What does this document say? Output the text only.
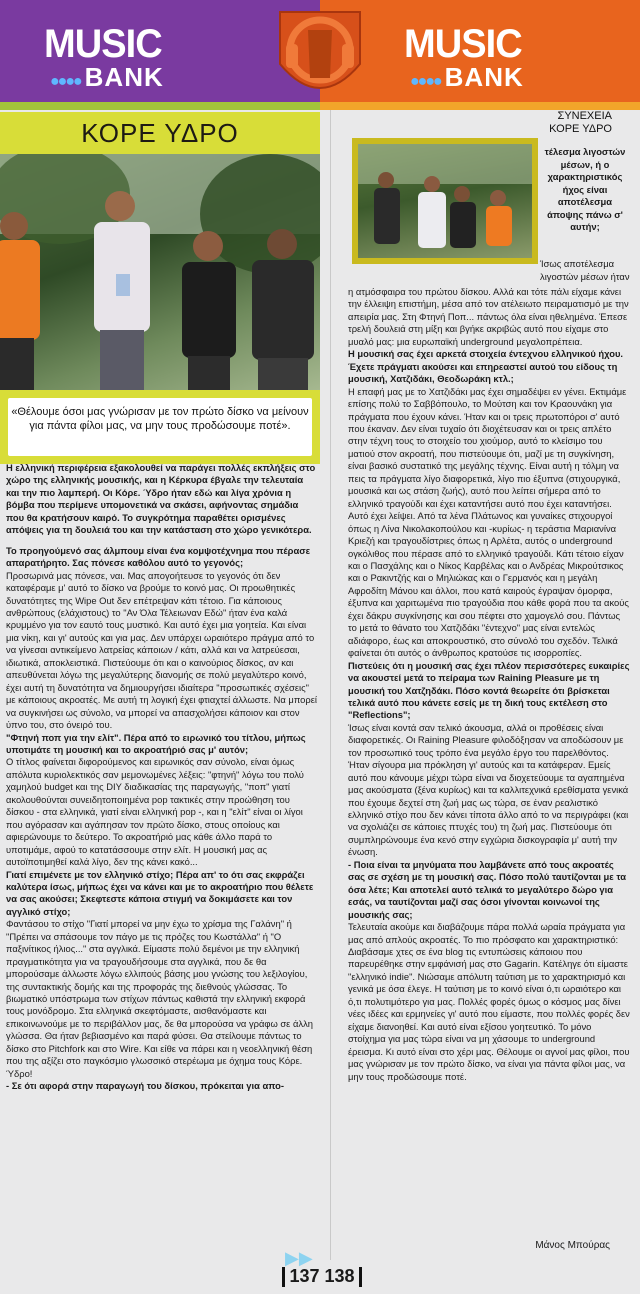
MUSIC
●●●● BANK
MUSIC
●●●● BANK
ΚΟΡΕ ΥΔΡΟ
ΣΥΝΕΧΕΙΑ
ΚΟΡΕ ΥΔΡΟ
«Θέλουμε όσοι μας γνώρισαν με τον πρώτο δίσκο να μείνουν για πάντα φίλοι μας, να μην τους προδώσουμε ποτέ».
τέλεσμα λιγοστών μέσων, ή ο χαρακτηριστικός ήχος είναι αποτέλεσμα άποψης πάνω σ' αυτήν;
Ίσως αποτέλεσμα λιγοστών μέσων ήταν

Η ελληνική περιφέρεια εξακολουθεί να παράγει πολλές εκπλήξεις στο χώρο της ελληνικής μουσικής, και η Κέρκυρα έβγαλε την τελευταία και την πιο λαμπερή. Οι Κόρε. Ύδρο ήταν εδώ και λίγα χρόνια η βόμβα που περίμενε υπομονετικά να σκάσει, αφήνοντας σημάδια που θα κρατήσουν καιρό. Το συγκρότημα παραθέτει ορισμένες απόψεις για τη δουλειά του και την κατάσταση στο χώρο γενικότερα.

Το προηγούμενό σας άλμπουμ είναι ένα κομψοτέχνημα που πέρασε απαρατήρητο. Σας πόνεσε καθόλου αυτό το γεγονός;

Προσωρινά μας πόνεσε, ναι. Μας απογοήτευσε το γεγονός ότι δεν καταφέραμε μ' αυτό το δίσκο να βρούμε το κοινό μας. Οι προωθητικές δυνατότητες της Wipe Out δεν επέτρεψαν κάτι τέτοιο. Για κάποιους ανθρώπους (ελάχιστους) το "Αν Όλα Τέλειωναν Εδώ" ήταν ένα καλά κρυμμένο για τον εαυτό τους μυστικό. Και αυτό έχει μια γοητεία. Και είναι μια νίκη, και γι' αυτούς και για μας. Δεν υπάρχει ωραιότερο πράγμα από το να γίνεσαι αντικείμενο λατρείας κάποιων / κάτι, αλλά και να λατρεύεσαι, ιδιωτικά, αποκλειστικά. Πιστεύουμε ότι και ο καινούριος δίσκος, αν και απευθύνεται λόγω της μεγαλύτερης διανομής σε πολύ μεγαλύτερο κοινό, έχει αυτή τη δυνατότητα να δημιουργήσει ιδιαίτερα "προσωπικές σχέσεις" με κάποιους ακροατές. Με αυτή τη λογική έχει φτιαχτεί άλλωστε. Να μπορεί να συγκινήσει ως σύνολο, να μπορεί να απασχολήσει κάποιον και στον ύπνο του, στο όνειρό του.

"Φτηνή ποπ για την ελίτ". Πέρα από το ειρωνικό του τίτλου, μήπως υποτιμάτε τη μουσική και το ακροατήριό σας μ' αυτόν;

Ο τίτλος φαίνεται διφορούμενος και ειρωνικός σαν σύνολο, είναι όμως απόλυτα κυριολεκτικός σαν μεμονωμένες λέξεις: "φτηνή" λόγω του πολύ χαμηλού budget και της DIY διαδικασίας της παραγωγής, "ποπ" γιατί ακολουθούνται συνειδητοποιημένα pop τακτικές στην προώθηση του δίσκου - στα ελληνικά, γιατί είναι ελληνική pop -, και η "ελίτ" είναι οι λίγοι που αγόρασαν και αγάπησαν τον πρώτο δίσκο, στους οποίους και αφιερώνουμε το δεύτερο. Το ακροατήριό μας κάθε άλλο παρά το υποτιμάμε, αφού το κατατάσσουμε στην ελίτ. Η μουσική μας ας αυτοϊποτιμηθεί καλά λίγο, δεν της κάνει κακό...

Γιατί επιμένετε με τον ελληνικό στίχο; Πέρα απ' το ότι σας εκφράζει καλύτερα ίσως, μήπως έχει να κάνει και με το ακροατήριο που θέλετε να σας ακούσει; Σκεφτεστε κάποια στιγμή να δοκιμάσετε και τον αγγλικό στίχο;

Φαντάσου το στίχο "Γιατί μπορεί να μην έχω το χρίσμα της Γαλάνη" ή "Πρέπει να σπάσουμε τον πάγο με τις πρόζες του Κωστάλλα" ή "Ο παξινίτικος ήλιος..." στα αγγλικά. Είμαστε πολύ δεμένοι με την ελληνική πραγματικότητα για να τραγουδήσουμε στα αγγλικά, που δε θα μπορούσαμε άλλωστε λόγω ελλιπούς βάσης μου γνώσης του λεξιλογίου, της συντακτικής δομής και της προφοράς της διεθνούς γλώσσας. Το βιωματικό υπόστρωμα των στίχων πάντως καθιστά την ελληνική εκφορά τους μονόδρομο. Στα ελληνικά σκεφτόμαστε, αισθανόμαστε και επικοινωνούμε με το περιβάλλον μας, δε θα μπορούσα να γράφω σε άλλη γλώσσα. Θα ήταν βεβιασμένο και παρά φύσει. Θα στείλουμε πάντως το δίσκο στο Pitchfork και στο Wire. Και είθε να πάρει και η νεοελληνική θέση που της αξίζει στο παγκόσμιο γλωσσικό στερέωμα με όχημα τους Κόρε. Ύδρο!

- Σε ότι αφορά στην παραγωγή του δίσκου, πρόκειται για απο-

η ατμόσφαιρα του πρώτου δίσκου. Αλλά και τότε πάλι είχαμε κάνει την έλλειψη επιστήμη, μέσα από τον ατέλειωτο πειραματισμό με την απειρία μας. Στη Φτηνή Ποπ... πάντως όλα είναι ηθελημένα. Έπεσε τρελή δουλειά στη μίξη και βγήκε ακριβώς αυτό που είχαμε στο μυαλό μας: μια ευρωπαϊκή underground μεγαλοπρέπεια.

Η μουσική σας έχει αρκετά στοιχεία έντεχνου ελληνικού ήχου. Έχετε πράγματι ακούσει και επηρεαστεί αυτού του είδους τη μουσική, Χατζιδάκι, Θεοδωράκη κτλ.;

Η επαφή μας με το Χατζιδάκι μας έχει σημαδέψει εν γένει. Εκτιμάμε επίσης πολύ το Σαββόπουλο, το Μούτση και τον Κραουνάκη για πράγματα που έχουν κάνει. Ήταν και οι τρεις πρωτοπόροι σ' αυτό που έκαναν. Δεν είναι τυχαίο ότι διοχέτευσαν και οι τρεις απλέτο στην τέχνη τους το στοιχείο του χιούμορ, αυτό το κλείσιμο του ματιού στον ακροατή, που πιστεύουμε ότι, μαζί με τη συγκίνηση, είναι βασικό συστατικό της μεγάλης τέχνης. Είναι αυτή η τόλμη να πεις τα πράγματα λίγο διαφορετικά, λίγο πιο έξυπνα (στιχουργικά, μουσικά και ως στάση ζωής), αυτό που λείπει σήμερα από το ελληνικό τραγούδι και έχει καταντήσει αυτό που έχει καταντήσει. Αυτό έχει λείψει. Από τα λένα Πλάτωνος και γυναίκες στιχουργοί όπως η Λίνα Νικολακοπούλου και -κυρίως- η τεράστια Μαριανίνα Κριεζή και τραγουδίστριες όπως η Αρλέτα, αυτός ο underground ογκόλιθος που πέρασε από το ελληνικό τραγούδι. Κάτι τέτοιο είχαν και ο Πασχάλης και ο Νίκος Καρβέλας και ο Ανδρέας Μικρούτσικος και ο Ρακιντζής και ο Μηλιώκας και ο Γερμανός και η μεγάλη Αφροδίτη Μάνου και άλλοι, που κατά καιρούς έγραψαν όμορφα, έξυπνα και χαριτωμένα πιο τραγούδια που κάθε φορά που τα ακούς έχει δάκρυ συγκίνησης και σου πέφτει στο χαμογελό σου. Πάντως το μετά το θάνατο του Χατζιδάκι "έντεχνο" μας είναι εντελώς αδιάφορο, έως και αποκρουστικό, στο σύνολό του σχεδόν. Τελικά φαίνεται ότι αυτός ο άνθρωπος κρατούσε τις ισορροπίες.

Πιστεύεις ότι η μουσική σας έχει πλέον περισσότερες ευκαιρίες να ακουστεί μετά το πείραμα των Raining Pleasure με τη μουσική του Χατζηδάκι. Πόσο κοντά θεωρείτε ότι βρίσκεται τελικά αυτό που κάνετε εσείς με τη δική τους εκτέλεση στο "Reflections";

Ίσως είναι κοντά σαν τελικό άκουσμα, αλλά οι προθέσεις είναι διαφορετικές. Οι Raining Pleasure φιλοδόξησαν να αποδώσουν με τον προσωπικό τους τρόπο ένα μεγάλο έργο του παρελθόντος. Ήταν σίγουρα μια πρόκληση γι' αυτούς και τα κατάφεραν. Εμείς αυτό που κάνουμε μέχρι τώρα είναι να διοχετεύουμε τα αγαπημένα μας ακούσματα (ξένα κυρίως) και τα καλλιτεχνικά ερεθίσματα γενικά που έχουμε δεχτεί στη ζωή μας ως τώρα, σε έναν ρεαλιστικό ελληνικό στίχο που δεν κάνει τίποτα άλλο από το να περιγράφει (και να σχολιάζει σε κάποιες πτυχές του) τη ζωή μας. Πιστεύουμε ότι συμπληρώνουμε ένα κενό στην εγχώρια δισκογραφία μ' αυτή την ένωση.

- Ποια είναι τα μηνύματα που λαμβάνετε από τους ακροατές σας σε σχέση με τη μουσική σας. Πόσο πολύ ταυτίζονται με τα όσα λέτε; Και αποτελεί αυτό τελικά το μεγαλύτερο δώρο για εσάς, να ταυτίζονται μαζί σας όσοι γίνονται κοινωνοί της μουσικής σας;

Τελευταία ακούμε και διαβάζουμε πάρα πολλά ωραία πράγματα για μας από απλούς ακροατές. Το πιο πρόσφατο και χαρακτηριστικό: Διαβάσαμε χτες σε ένα blog τις εντυπώσεις κάποιου που παρευρέθηκε στην εμφάνισή μας στο Gagarin. Κατέληγε ότι είμαστε "ελληνικό indie". Νιώσαμε απόλυτη ταύτιση με το χαρακτηρισμό και γενικά με όσα έλεγε. Η ταύτιση με το κοινό είναι ό,τι ωραιότερο και ό,τι πολυτιμότερο για μας. Πολλές φορές όμως ο κόσμος μας δίνει νέες ιδέες και ερμηνείες γι' αυτό που είμαστε, που πολλές φορές δεν είχαμε διανοηθεί. Και αυτό είναι εξίσου γοητευτικό. Το μόνο στοίχημα για μας τώρα είναι να μη χάσουμε το underground έρεισμα. Κι αυτό είναι στο χέρι μας. Θέλουμε οι αγνοί μας φίλοι, που μας γνώρισαν με τον πρώτο δίσκο, να είναι για πάντα φίλοι μας, να μην τους προδώσουμε ποτέ.

Μάνος Μπούρας
▶▶
137 138
